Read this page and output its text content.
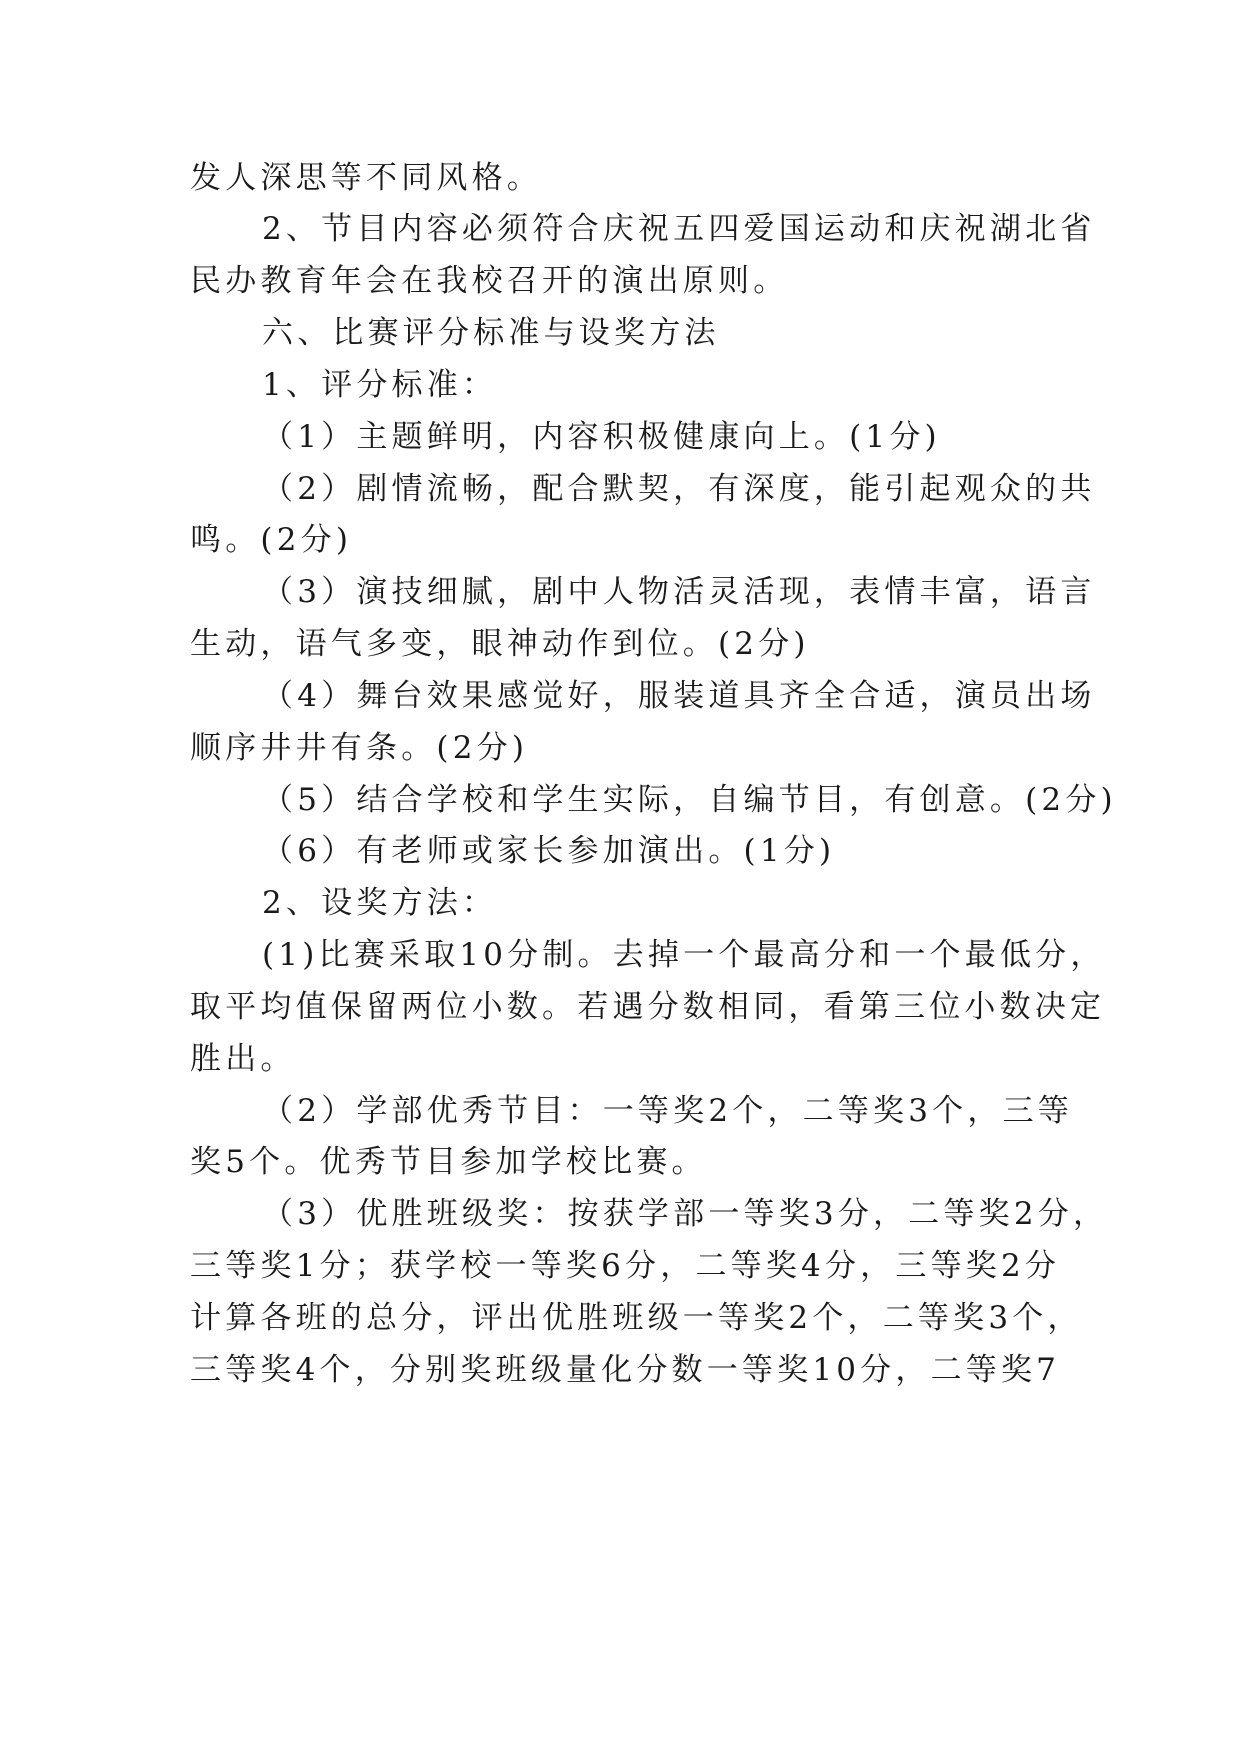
发人深思等不同风格。
2、节目内容必须符合庆祝五四爱国运动和庆祝湖北省
民办教育年会在我校召开的演出原则。
六、比赛评分标准与设奖方法
1、评分标准：
（1）主题鲜明，内容积极健康向上。(1分)
（2）剧情流畅，配合默契，有深度，能引起观众的共
鸣。(2分)
（3）演技细腻，剧中人物活灵活现，表情丰富，语言
生动，语气多变，眼神动作到位。(2分)
（4）舞台效果感觉好，服装道具齐全合适，演员出场
顺序井井有条。(2分)
（5）结合学校和学生实际，自编节目，有创意。(2分)
（6）有老师或家长参加演出。(1分)
2、设奖方法：
(1)比赛采取10分制。去掉一个最高分和一个最低分，
取平均值保留两位小数。若遇分数相同，看第三位小数决定
胜出。
（2）学部优秀节目：一等奖2个，二等奖3个，三等
奖5个。优秀节目参加学校比赛。
（3）优胜班级奖：按获学部一等奖3分，二等奖2分，
三等奖1分；获学校一等奖6分，二等奖4分，三等奖2分
计算各班的总分，评出优胜班级一等奖2个，二等奖3个，
三等奖4个，分别奖班级量化分数一等奖10分，二等奖7
